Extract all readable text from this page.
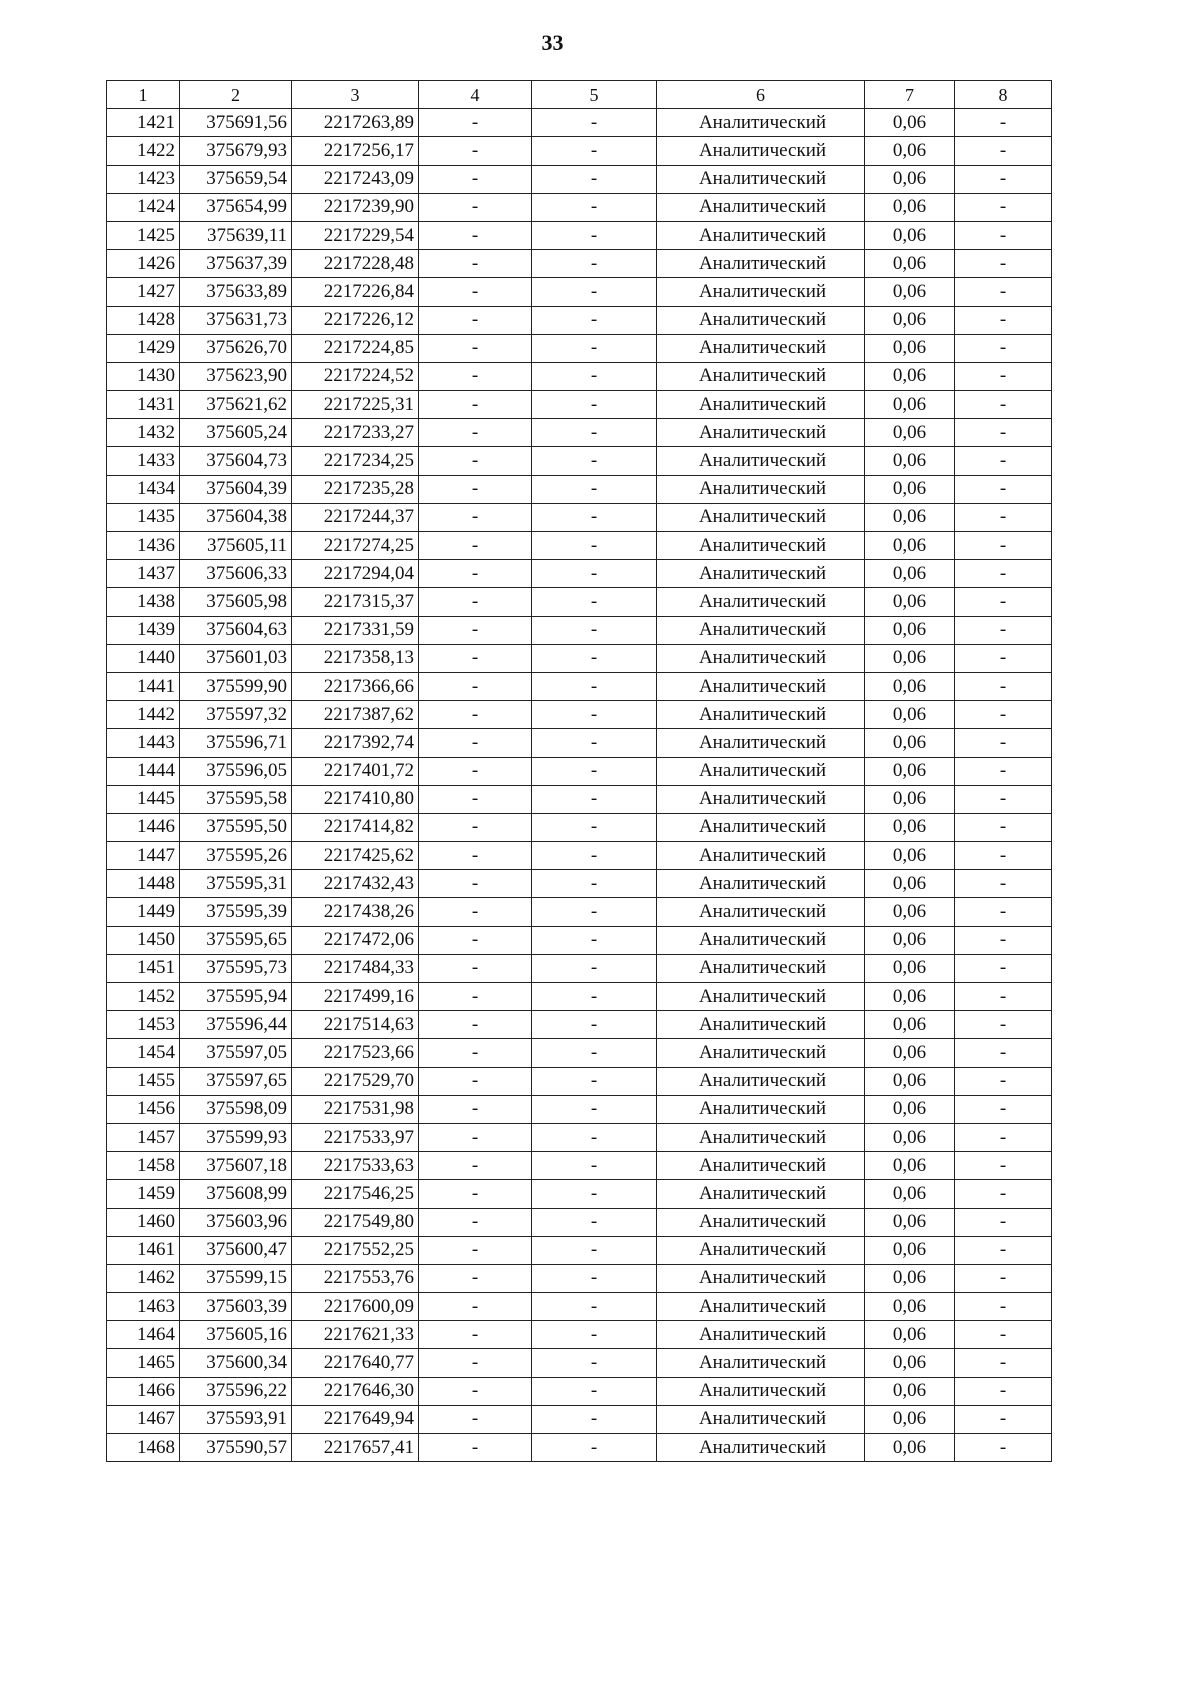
33
1	2	3	4	5	6	7	8
1421	375691,56	2217263,89	-	-	Аналитический	0,06	-
1422	375679,93	2217256,17	-	-	Аналитический	0,06	-
1423	375659,54	2217243,09	-	-	Аналитический	0,06	-
1424	375654,99	2217239,90	-	-	Аналитический	0,06	-
1425	375639,11	2217229,54	-	-	Аналитический	0,06	-
1426	375637,39	2217228,48	-	-	Аналитический	0,06	-
1427	375633,89	2217226,84	-	-	Аналитический	0,06	-
1428	375631,73	2217226,12	-	-	Аналитический	0,06	-
1429	375626,70	2217224,85	-	-	Аналитический	0,06	-
1430	375623,90	2217224,52	-	-	Аналитический	0,06	-
1431	375621,62	2217225,31	-	-	Аналитический	0,06	-
1432	375605,24	2217233,27	-	-	Аналитический	0,06	-
1433	375604,73	2217234,25	-	-	Аналитический	0,06	-
1434	375604,39	2217235,28	-	-	Аналитический	0,06	-
1435	375604,38	2217244,37	-	-	Аналитический	0,06	-
1436	375605,11	2217274,25	-	-	Аналитический	0,06	-
1437	375606,33	2217294,04	-	-	Аналитический	0,06	-
1438	375605,98	2217315,37	-	-	Аналитический	0,06	-
1439	375604,63	2217331,59	-	-	Аналитический	0,06	-
1440	375601,03	2217358,13	-	-	Аналитический	0,06	-
1441	375599,90	2217366,66	-	-	Аналитический	0,06	-
1442	375597,32	2217387,62	-	-	Аналитический	0,06	-
1443	375596,71	2217392,74	-	-	Аналитический	0,06	-
1444	375596,05	2217401,72	-	-	Аналитический	0,06	-
1445	375595,58	2217410,80	-	-	Аналитический	0,06	-
1446	375595,50	2217414,82	-	-	Аналитический	0,06	-
1447	375595,26	2217425,62	-	-	Аналитический	0,06	-
1448	375595,31	2217432,43	-	-	Аналитический	0,06	-
1449	375595,39	2217438,26	-	-	Аналитический	0,06	-
1450	375595,65	2217472,06	-	-	Аналитический	0,06	-
1451	375595,73	2217484,33	-	-	Аналитический	0,06	-
1452	375595,94	2217499,16	-	-	Аналитический	0,06	-
1453	375596,44	2217514,63	-	-	Аналитический	0,06	-
1454	375597,05	2217523,66	-	-	Аналитический	0,06	-
1455	375597,65	2217529,70	-	-	Аналитический	0,06	-
1456	375598,09	2217531,98	-	-	Аналитический	0,06	-
1457	375599,93	2217533,97	-	-	Аналитический	0,06	-
1458	375607,18	2217533,63	-	-	Аналитический	0,06	-
1459	375608,99	2217546,25	-	-	Аналитический	0,06	-
1460	375603,96	2217549,80	-	-	Аналитический	0,06	-
1461	375600,47	2217552,25	-	-	Аналитический	0,06	-
1462	375599,15	2217553,76	-	-	Аналитический	0,06	-
1463	375603,39	2217600,09	-	-	Аналитический	0,06	-
1464	375605,16	2217621,33	-	-	Аналитический	0,06	-
1465	375600,34	2217640,77	-	-	Аналитический	0,06	-
1466	375596,22	2217646,30	-	-	Аналитический	0,06	-
1467	375593,91	2217649,94	-	-	Аналитический	0,06	-
1468	375590,57	2217657,41	-	-	Аналитический	0,06	-
